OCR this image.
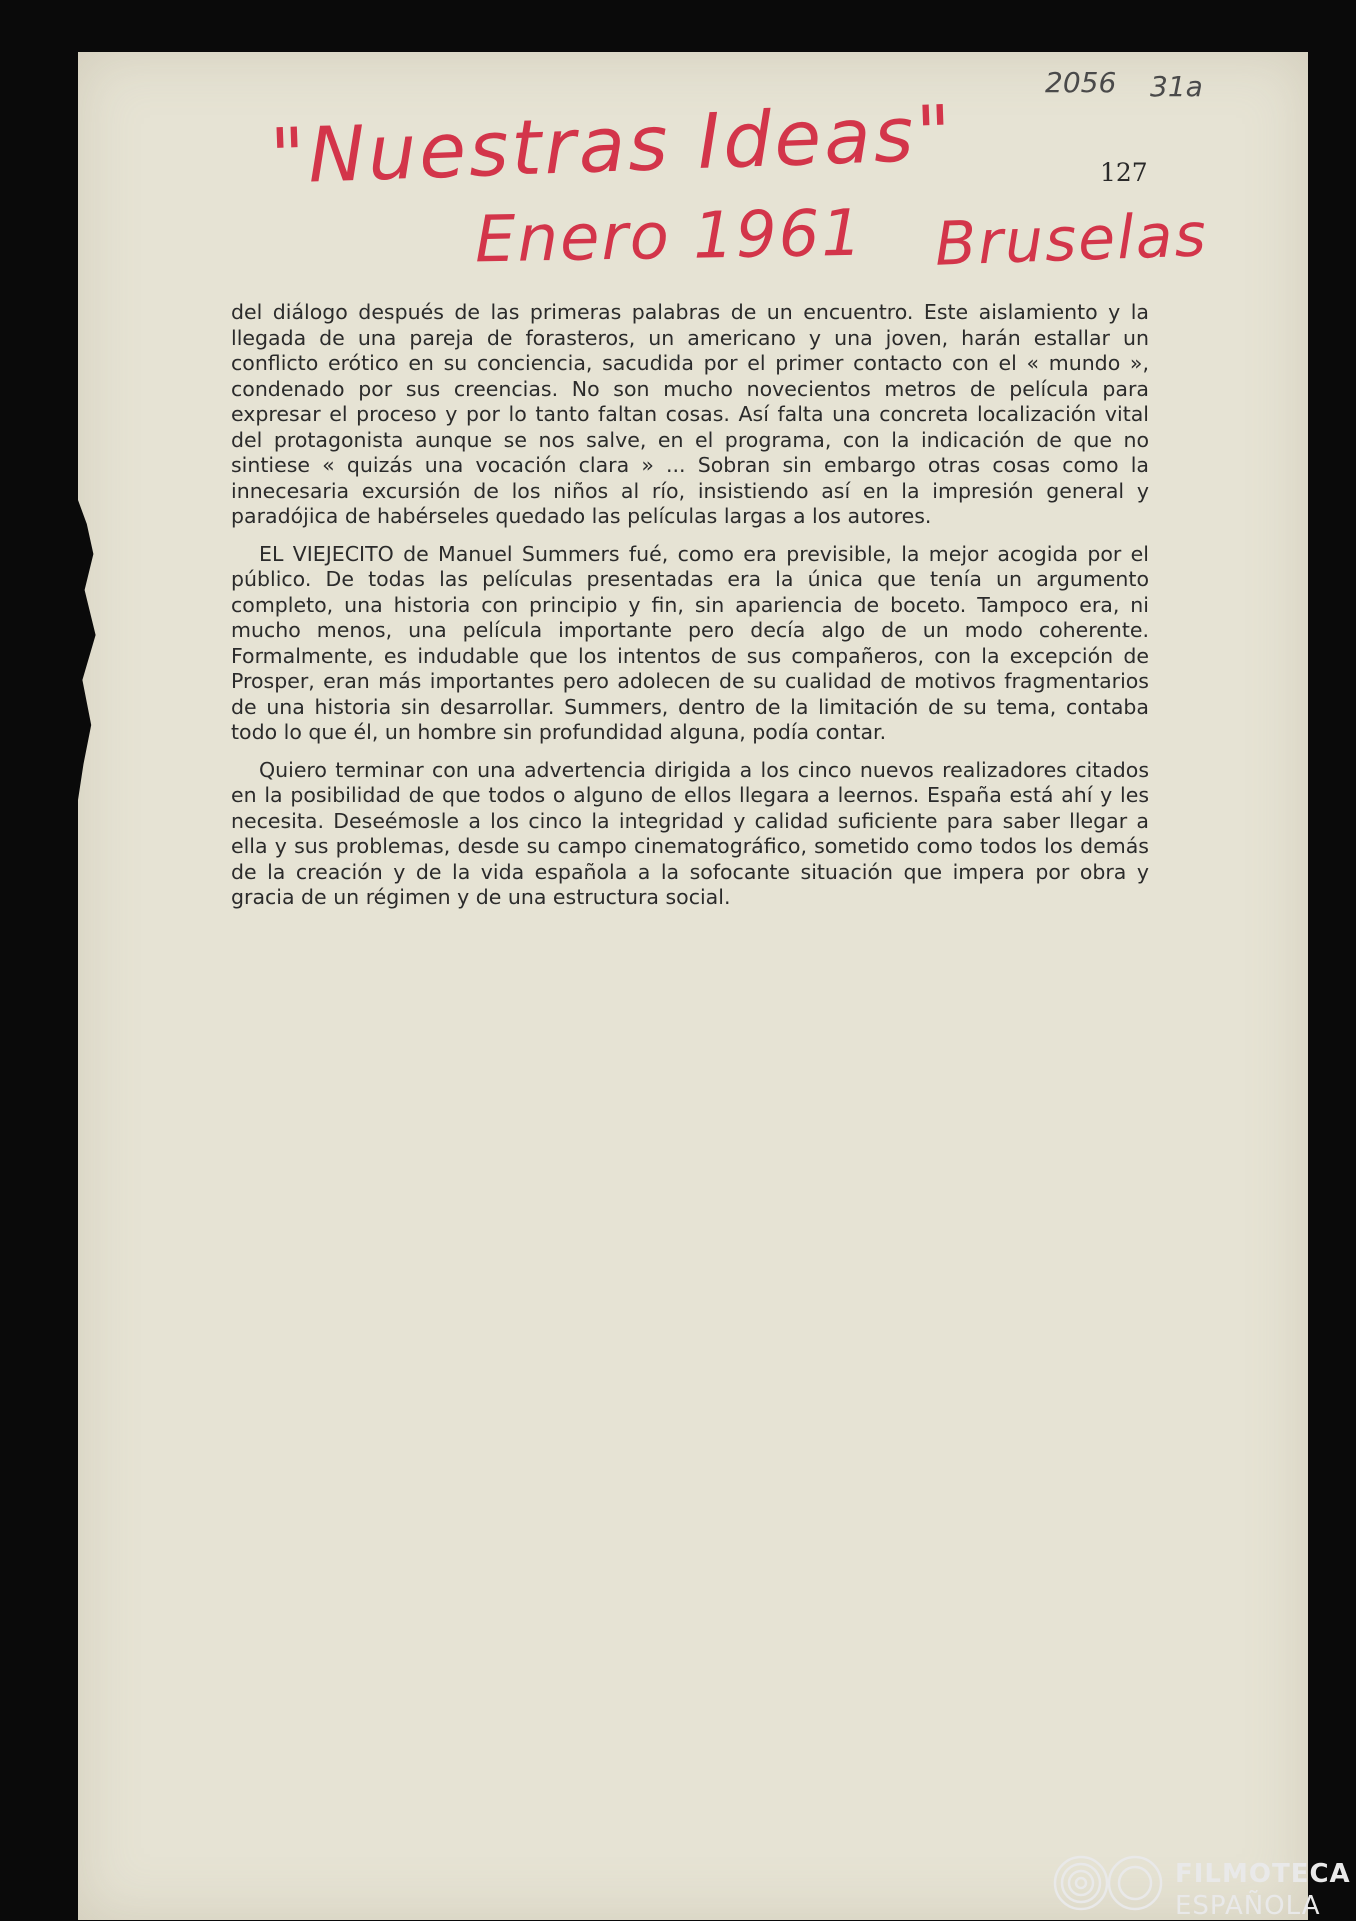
"Nuestras Ideas"
Enero 1961 Bruselas
2056 31a
127

del diálogo después de las primeras palabras de un encuentro. Este aislamiento y la llegada de una pareja de forasteros, un americano y una joven, harán estallar un conflicto erótico en su conciencia, sacudida por el primer contacto con el « mundo », condenado por sus creencias. No son mucho novecientos metros de película para expresar el proceso y por lo tanto faltan cosas. Así falta una concreta localización vital del protagonista aunque se nos salve, en el programa, con la indicación de que no sintiese « quizás una vocación clara » ... Sobran sin embargo otras cosas como la innecesaria excursión de los niños al río, insistiendo así en la impresión general y paradójica de habérseles quedado las películas largas a los autores.

EL VIEJECITO de Manuel Summers fué, como era previsible, la mejor acogida por el público. De todas las películas presentadas era la única que tenía un argumento completo, una historia con principio y fin, sin apariencia de boceto. Tampoco era, ni mucho menos, una película importante pero decía algo de un modo coherente. Formalmente, es indudable que los intentos de sus compañeros, con la excepción de Prosper, eran más importantes pero adolecen de su cualidad de motivos fragmentarios de una historia sin desarrollar. Summers, dentro de la limitación de su tema, contaba todo lo que él, un hombre sin profundidad alguna, podía contar.

Quiero terminar con una advertencia dirigida a los cinco nuevos realizadores citados en la posibilidad de que todos o alguno de ellos llegara a leernos. España está ahí y les necesita. Deseémosle a los cinco la integridad y calidad suficiente para saber llegar a ella y sus problemas, desde su campo cinematográfico, sometido como todos los demás de la creación y de la vida española a la sofocante situación que impera por obra y gracia de un régimen y de una estructura social.

FILMOTECA
ESPAÑOLA
